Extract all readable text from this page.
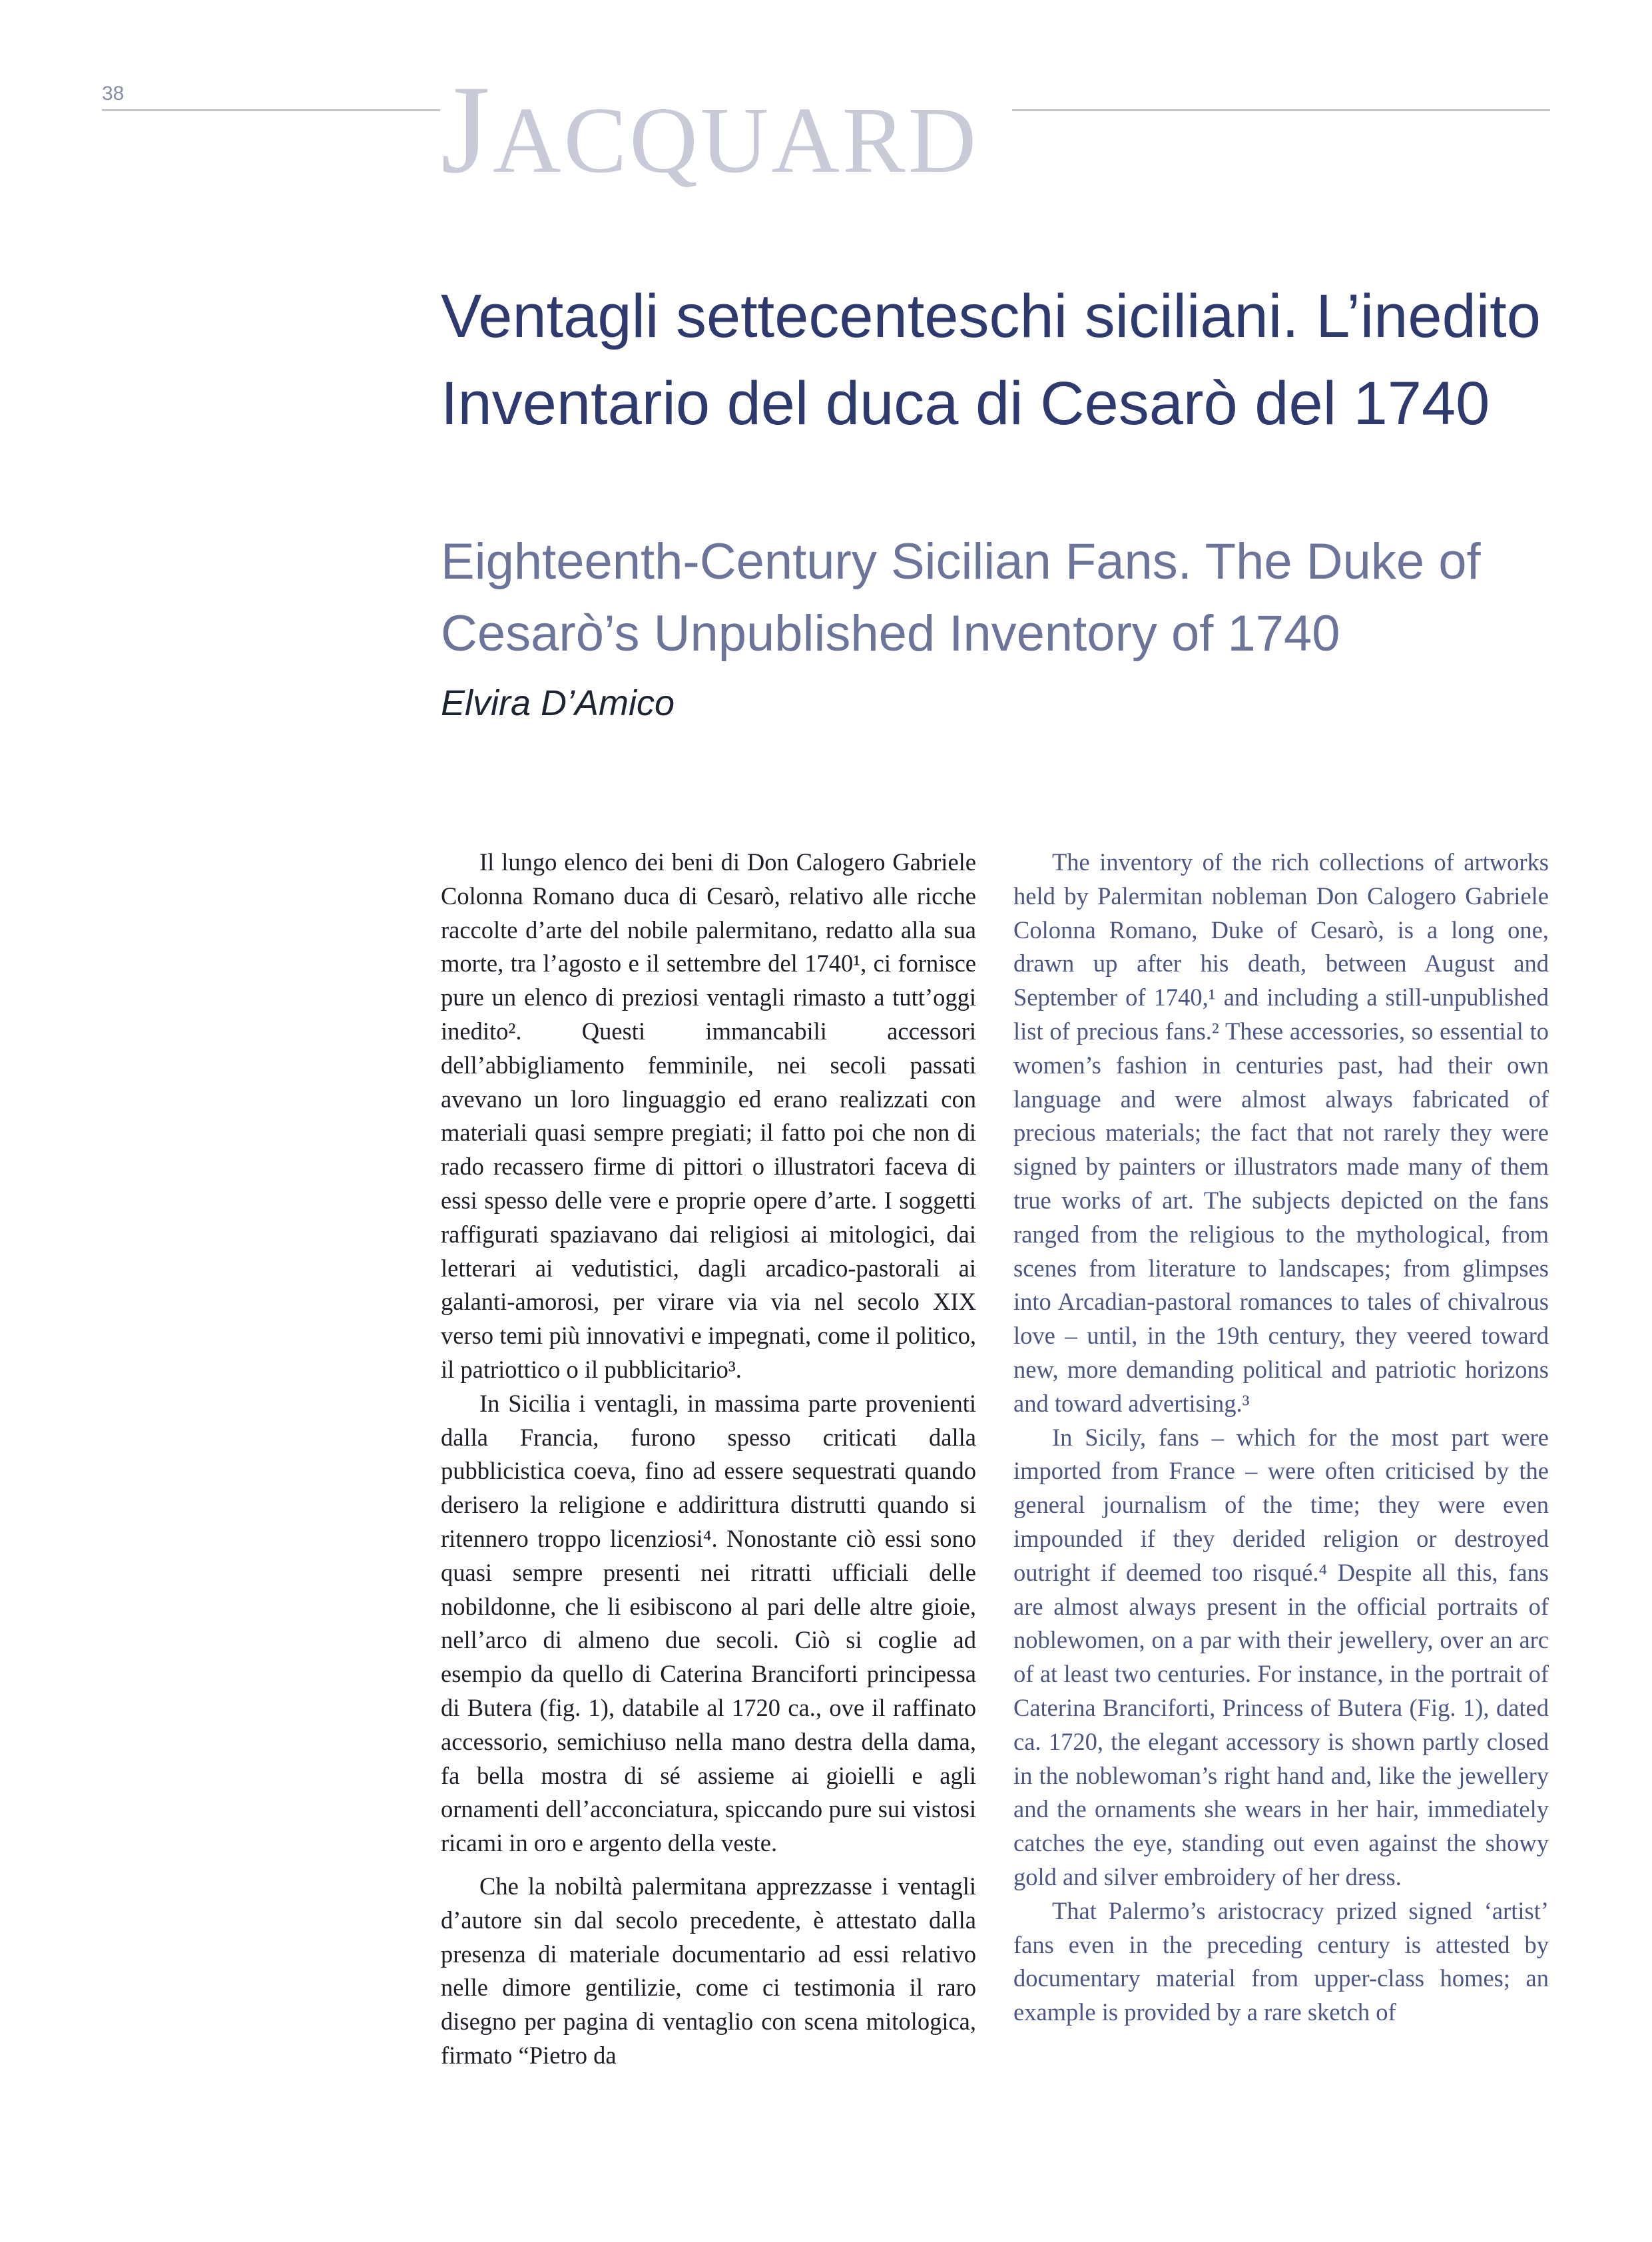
38	JACQUARD
Ventagli settecenteschi siciliani. L’inedito Inventario del duca di Cesarò del 1740
Eighteenth-Century Sicilian Fans. The Duke of Cesarò’s Unpublished Inventory of 1740
Elvira D’Amico

Il lungo elenco dei beni di Don Calogero Gabriele Colonna Romano duca di Cesarò, relativo alle ricche raccolte d’arte del nobile palermitano, redatto alla sua morte, tra l’agosto e il settembre del 1740¹, ci fornisce pure un elenco di preziosi ventagli rimasto a tutt’oggi inedito². Questi immancabili accessori dell’abbigliamento femminile, nei secoli passati avevano un loro linguaggio ed erano realizzati con materiali quasi sempre pregiati; il fatto poi che non di rado recassero firme di pittori o illustratori faceva di essi spesso delle vere e proprie opere d’arte. I soggetti raffigurati spaziavano dai religiosi ai mitologici, dai letterari ai vedutistici, dagli arcadico-pastorali ai galanti-amorosi, per virare via via nel secolo XIX verso temi più innovativi e impegnati, come il politico, il patriottico o il pubblicitario³.

In Sicilia i ventagli, in massima parte provenienti dalla Francia, furono spesso criticati dalla pubblicistica coeva, fino ad essere sequestrati quando derisero la religione e addirittura distrutti quando si ritennero troppo licenziosi⁴. Nonostante ciò essi sono quasi sempre presenti nei ritratti ufficiali delle nobildonne, che li esibiscono al pari delle altre gioie, nell’arco di almeno due secoli. Ciò si coglie ad esempio da quello di Caterina Branciforti principessa di Butera (fig. 1), databile al 1720 ca., ove il raffinato accessorio, semichiuso nella mano destra della dama, fa bella mostra di sé assieme ai gioielli e agli ornamenti dell’acconciatura, spiccando pure sui vistosi ricami in oro e argento della veste.

Che la nobiltà palermitana apprezzasse i ventagli d’autore sin dal secolo precedente, è attestato dalla presenza di materiale documentario ad essi relativo nelle dimore gentilizie, come ci testimonia il raro disegno per pagina di ventaglio con scena mitologica, firmato “Pietro da

The inventory of the rich collections of artworks held by Palermitan nobleman Don Calogero Gabriele Colonna Romano, Duke of Cesarò, is a long one, drawn up after his death, between August and September of 1740,¹ and including a still-unpublished list of precious fans.² These accessories, so essential to women’s fashion in centuries past, had their own language and were almost always fabricated of precious materials; the fact that not rarely they were signed by painters or illustrators made many of them true works of art. The subjects depicted on the fans ranged from the religious to the mythological, from scenes from literature to landscapes; from glimpses into Arcadian-pastoral romances to tales of chivalrous love – until, in the 19th century, they veered toward new, more demanding political and patriotic horizons and toward advertising.³

In Sicily, fans – which for the most part were imported from France – were often criticised by the general journalism of the time; they were even impounded if they derided religion or destroyed outright if deemed too risqué.⁴ Despite all this, fans are almost always present in the official portraits of noblewomen, on a par with their jewellery, over an arc of at least two centuries. For instance, in the portrait of Caterina Branciforti, Princess of Butera (Fig. 1), dated ca. 1720, the elegant accessory is shown partly closed in the noblewoman’s right hand and, like the jewellery and the ornaments she wears in her hair, immediately catches the eye, standing out even against the showy gold and silver embroidery of her dress.

That Palermo’s aristocracy prized signed ‘artist’ fans even in the preceding century is attested by documentary material from upper-class homes; an example is provided by a rare sketch of
